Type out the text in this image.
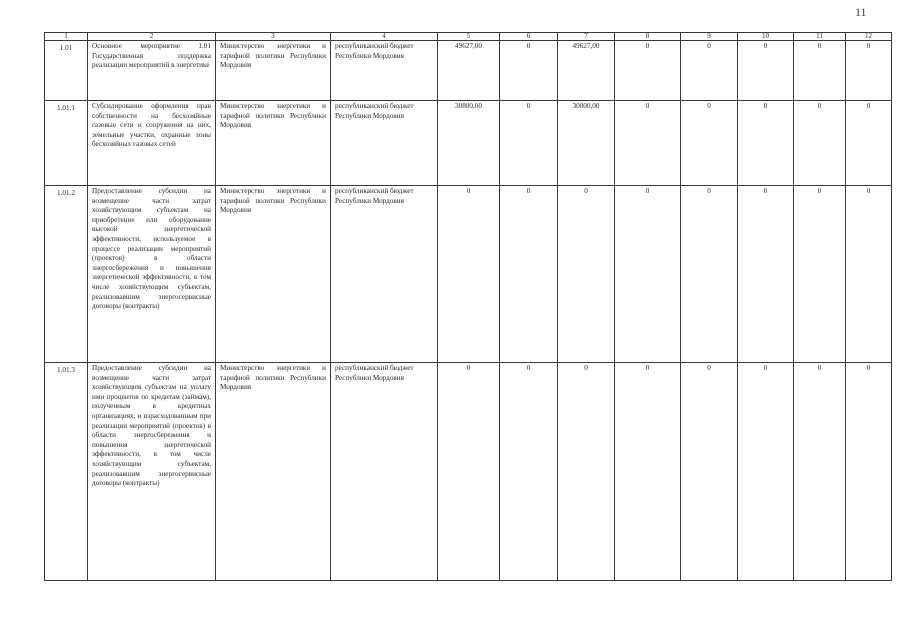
11
1	2	3	4	5	6	7	8	9	10	11	12
1.01	Основное мероприятие 1.01 Государственная поддержка реализации мероприятий в энергетике	Министерство энергетики и тарифной политики Республики Мордовия	республиканский бюджет Республики Мордовия	49627,00	0	49627,00	0	0	0	0	0
1.01.1	Субсидирование оформления прав собственности на бесхозяйные газовые сети и сооружения на них, земельные участки, охранные зоны бесхозяйных газовых сетей	Министерство энергетики и тарифной политики Республики Мордовия	республиканский бюджет Республики Мордовия	30800,00	0	30800,00	0	0	0	0	0
1.01.2	Предоставление субсидии на возмещение части затрат хозяйствующим субъектам на приобретение или оборудование высокой энергетической эффективности, используемое в процессе реализации мероприятий (проектов) в области энергосбережения и повышения энергетической эффективности, в том числе хозяйствующим субъектам, реализовавшим энергосервисные договоры (контракты)	Министерство энергетики и тарифной политики Республики Мордовия	республиканский бюджет Республики Мордовия	0	0	0	0	0	0	0	0
1.01.3	Предоставление субсидии на возмещение части затрат хозяйствующим субъектам на уплату ими процентов по кредитам (займам), полученным в кредитных организациях, и израсходованным при реализации мероприятий (проектов) в области энергосбережения и повышения энергетической эффективности, в том числе хозяйствующим субъектам, реализовавшим энергосервисные договоры (контракты)	Министерство энергетики и тарифной политики Республики Мордовия	республиканский бюджет Республики Мордовия	0	0	0	0	0	0	0	0
